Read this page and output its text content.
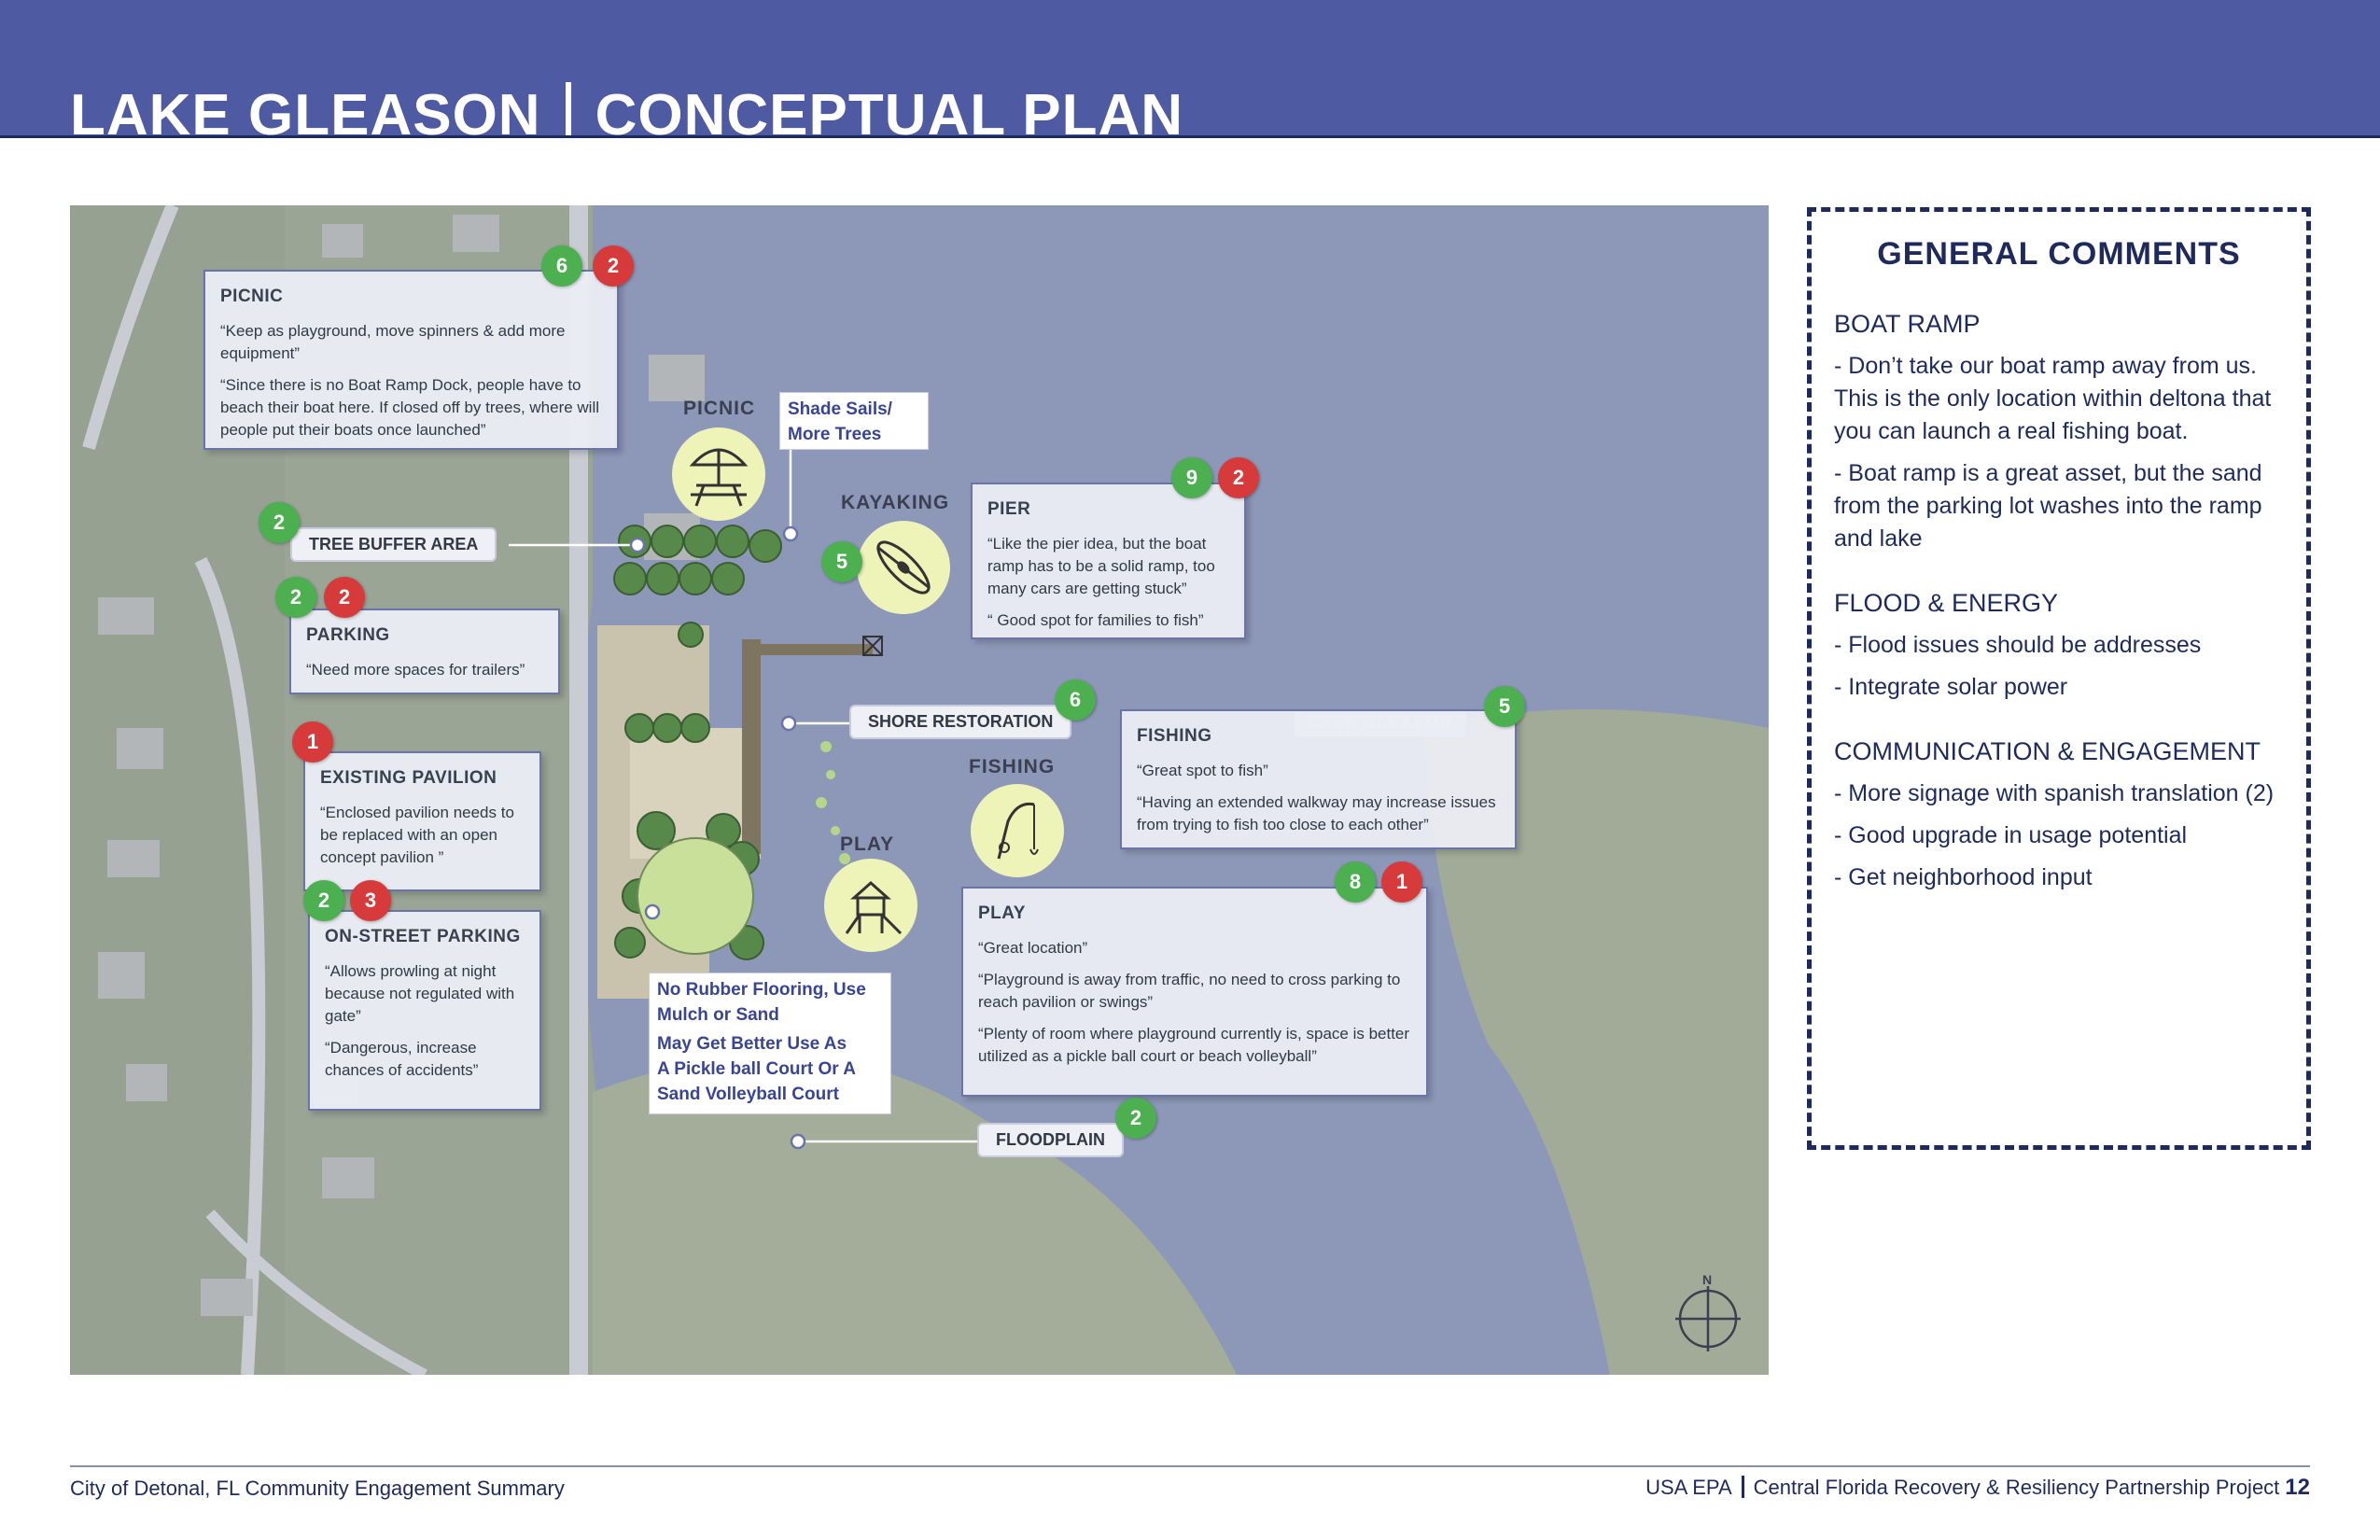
LAKE GLEASON CONCEPTUAL PLAN
N
PICNIC
“Keep as playground, move spinners & add more equipment”
“Since there is no Boat Ramp Dock, people have to beach their boat here. If closed off by trees, where will people put their boats once launched”
6	2
PICNIC Shade Sails/
More Trees
TREE BUFFER AREA
2
PARKING
“Need more spaces for trailers”
2	2
EXISTING PAVILION
“Enclosed pavilion needs to be replaced with an open concept pavilion ”
1
ON-STREET PARKING
“Allows prowling at night because not regulated with gate”
“Dangerous, increase chances of accidents”
2	3
KAYAKING
5
PIER
“Like the pier idea, but the boat ramp has to be a solid ramp, too many cars are getting stuck”
“ Good spot for families to fish”
9	2
SHORE RESTORATION
6
FISHING
FISHING
“Great spot to fish”
“Having an extended walkway may increase issues from trying to fish too close to each other”
5
PLAY
PLAY
“Great location”
“Playground is away from traffic, no need to cross parking to reach pavilion or swings”
“Plenty of room where playground currently is, space is better utilized as a pickle ball court or beach volleyball”
8	1
No Rubber Flooring, Use
Mulch or Sand
May Get Better Use As
A Pickle ball Court Or A
Sand Volleyball Court
FLOODPLAIN
2
GENERAL COMMENTS
BOAT RAMP
- Don’t take our boat ramp away from us. This is the only location within deltona that you can launch a real fishing boat.
- Boat ramp is a great asset, but the sand from the parking lot washes into the ramp and lake
FLOOD & ENERGY
- Flood issues should be addresses
- Integrate solar power
COMMUNICATION & ENGAGEMENT
- More signage with spanish translation (2)
- Good upgrade in usage potential
- Get neighborhood input
City of Detonal, FL Community Engagement Summary	USA EPA Central Florida Recovery & Resiliency Partnership Project 12
